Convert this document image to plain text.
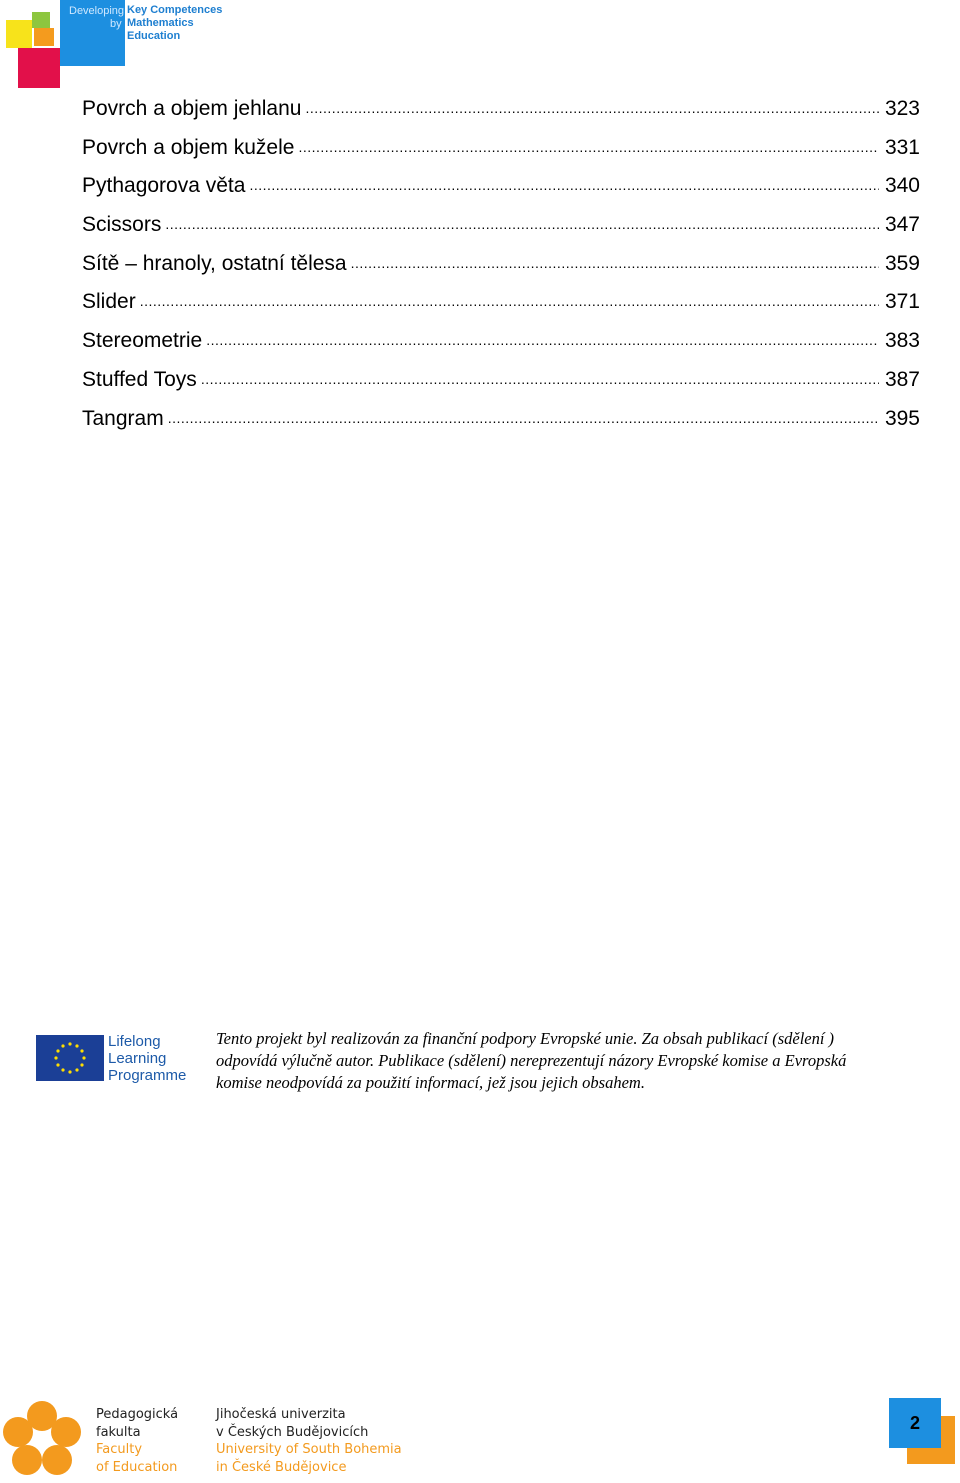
Developing
by
Key Competences
Mathematics
Education
Povrch a objem jehlanu .....	323
Povrch a objem kužele .....	331
Pythagorova věta .....	340
Scissors .....	347
Sítě – hranoly, ostatní tělesa .....	359
Slider .....	371
Stereometrie .....	383
Stuffed Toys .....	387
Tangram .....	395
Lifelong
Learning
Programme
Tento projekt byl realizován za finanční podpory Evropské unie. Za obsah publikací (sdělení ) odpovídá výlučně autor. Publikace (sdělení) nereprezentují názory Evropské komise a Evropská komise neodpovídá za použití informací, jež jsou jejich obsahem.
Pedagogická
fakulta
Faculty
of Education
Jihočeská univerzita
v Českých Budějovicích
University of South Bohemia
in České Budějovice
2
